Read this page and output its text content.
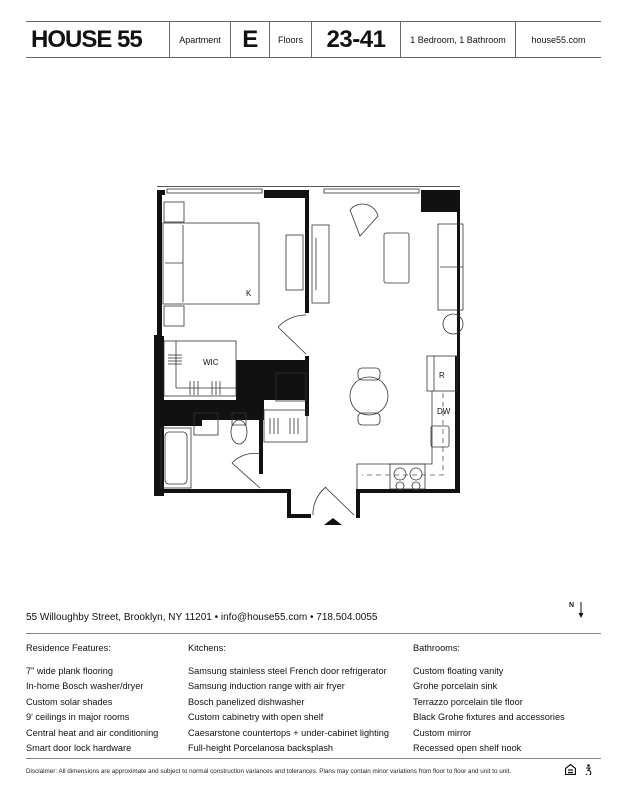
HOUSE 55	Apartment E	Floors 23-41	1 Bedroom, 1 Bathroom	house55.com
K
WIC
W/D
R
DW
55 Willoughby Street, Brooklyn, NY 11201 • info@house55.com • 718.504.0055
N
Residence Features:
7" wide plank flooring
In-home Bosch washer/dryer
Custom solar shades
9' ceilings in major rooms
Central heat and air conditioning
Smart door lock hardware
Kitchens:
Samsung stainless steel French door refrigerator
Samsung induction range with air fryer
Bosch panelized dishwasher
Custom cabinetry with open shelf
Caesarstone countertops + under-cabinet lighting
Full-height Porcelanosa backsplash
Bathrooms:
Custom floating vanity
Grohe porcelain sink
Terrazzo porcelain tile floor
Black Grohe fixtures and accessories
Custom mirror
Recessed open shelf nook
Disclaimer: All dimensions are approximate and subject to normal construction variances and tolerances. Plans may contain minor variations from floor to floor and unit to unit.
